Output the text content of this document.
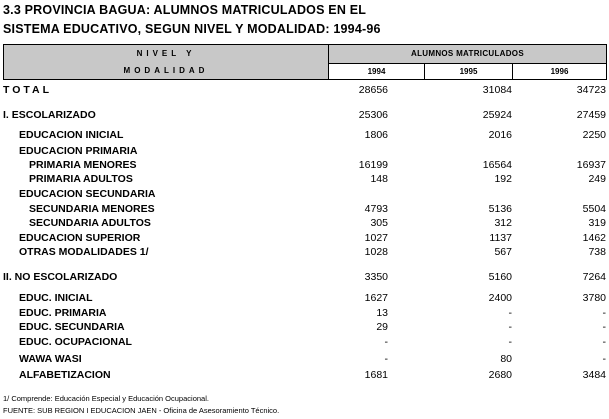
3.3 PROVINCIA BAGUA: ALUMNOS MATRICULADOS EN EL
SISTEMA EDUCATIVO, SEGUN NIVEL Y MODALIDAD: 1994-96
NIVEL Y
MODALIDAD	ALUMNOS MATRICULADOS		
	1994	1995	1996
TOTAL	28656	31084	34723
I. ESCOLARIZADO	25306	25924	27459
EDUCACION INICIAL	1806	2016	2250
EDUCACION PRIMARIA
PRIMARIA MENORES	16199	16564	16937
PRIMARIA ADULTOS	148	192	249
EDUCACION SECUNDARIA
SECUNDARIA MENORES	4793	5136	5504
SECUNDARIA ADULTOS	305	312	319
EDUCACION SUPERIOR	1027	1137	1462
OTRAS MODALIDADES 1/	1028	567	738
II. NO ESCOLARIZADO	3350	5160	7264
EDUC. INICIAL	1627	2400	3780
EDUC. PRIMARIA	13	-	-
EDUC. SECUNDARIA	29	-	-
EDUC. OCUPACIONAL	-	-	-
WAWA WASI	-	80	-
ALFABETIZACION	1681	2680	3484
1/ Comprende: Educación Especial y Educación Ocupacional.
FUENTE: SUB REGION I EDUCACION JAEN - Oficina de Asesoramiento Técnico.
